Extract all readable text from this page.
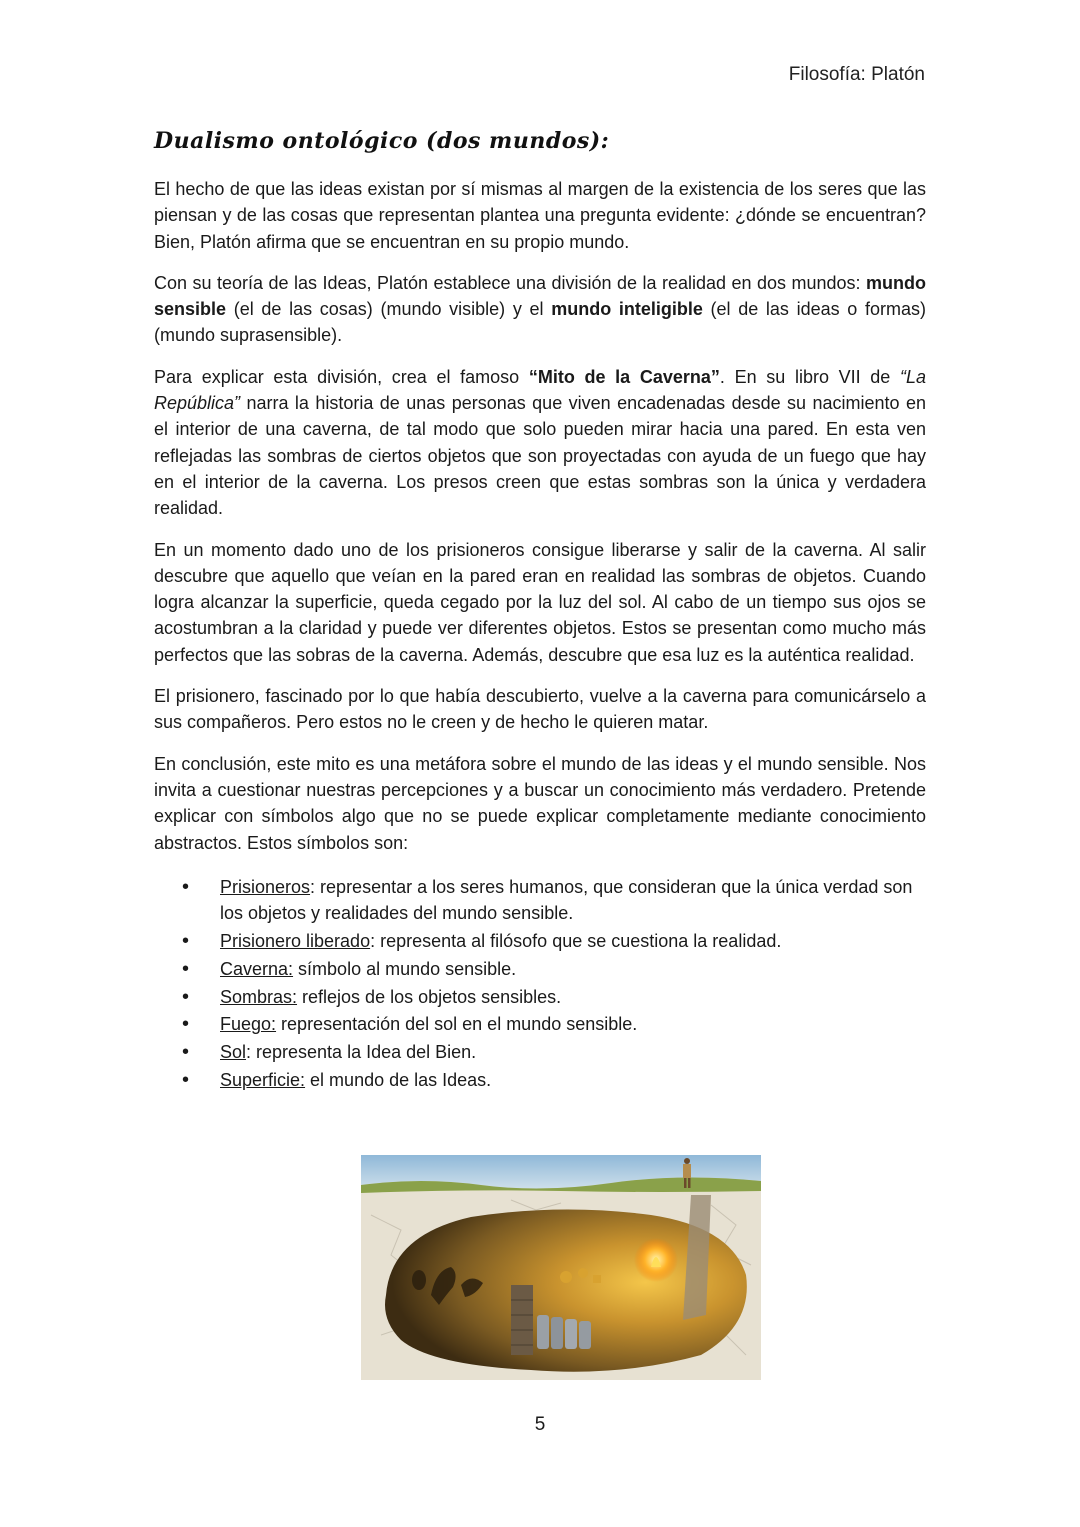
Filosofía: Platón
Dualismo ontológico (dos mundos):

El hecho de que las ideas existan por sí mismas al margen de la existencia de los seres que las piensan y de las cosas que representan plantea una pregunta evidente: ¿dónde se encuentran? Bien, Platón afirma que se encuentran en su propio mundo.

Con su teoría de las Ideas, Platón establece una división de la realidad en dos mundos: mundo sensible (el de las cosas) (mundo visible) y el mundo inteligible (el de las ideas o formas) (mundo suprasensible).

Para explicar esta división, crea el famoso “Mito de la Caverna”. En su libro VII de “La República” narra la historia de unas personas que viven encadenadas desde su nacimiento en el interior de una caverna, de tal modo que solo pueden mirar hacia una pared. En esta ven reflejadas las sombras de ciertos objetos que son proyectadas con ayuda de un fuego que hay en el interior de la caverna. Los presos creen que estas sombras son la única y verdadera realidad.

En un momento dado uno de los prisioneros consigue liberarse y salir de la caverna. Al salir descubre que aquello que veían en la pared eran en realidad las sombras de objetos. Cuando logra alcanzar la superficie, queda cegado por la luz del sol. Al cabo de un tiempo sus ojos se acostumbran a la claridad y puede ver diferentes objetos. Estos se presentan como mucho más perfectos que las sobras de la caverna. Además, descubre que esa luz es la auténtica realidad.

El prisionero, fascinado por lo que había descubierto, vuelve a la caverna para comunicárselo a sus compañeros. Pero estos no le creen y de hecho le quieren matar.

En conclusión, este mito es una metáfora sobre el mundo de las ideas y el mundo sensible. Nos invita a cuestionar nuestras percepciones y a buscar un conocimiento más verdadero. Pretende explicar con símbolos algo que no se puede explicar completamente mediante conocimiento abstractos. Estos símbolos son:

• Prisioneros: representar a los seres humanos, que consideran que la única verdad son los objetos y realidades del mundo sensible.
• Prisionero liberado: representa al filósofo que se cuestiona la realidad.
• Caverna: símbolo al mundo sensible.
• Sombras: reflejos de los objetos sensibles.
• Fuego: representación del sol en el mundo sensible.
• Sol: representa la Idea del Bien.
• Superficie: el mundo de las Ideas.
5
